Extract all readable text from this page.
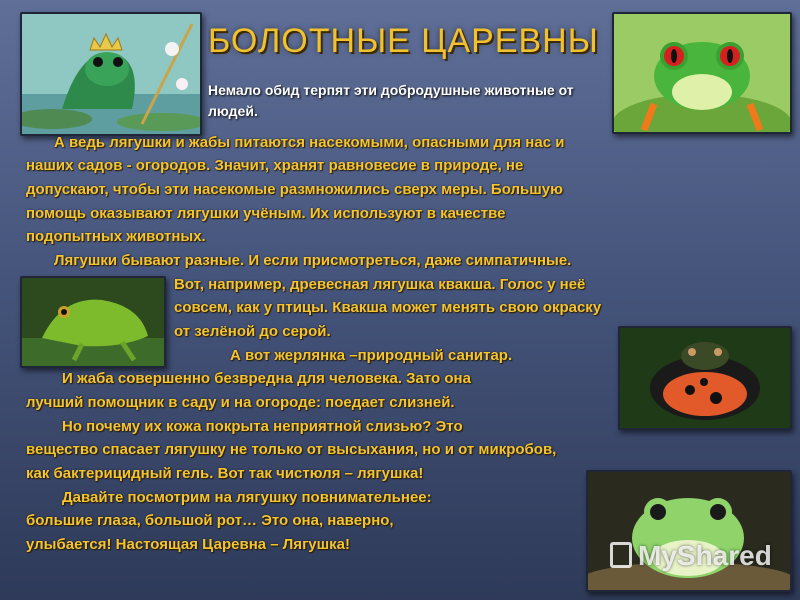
БОЛОТНЫЕ ЦАРЕВНЫ
Немало обид терпят эти добродушные животные от людей.
А ведь лягушки и жабы питаются насекомыми, опасными для нас и
наших садов - огородов. Значит, хранят равновесие в природе, не
допускают, чтобы эти насекомые размножились сверх меры. Большую
помощь оказывают лягушки учёным. Их используют в качестве
подопытных животных.
Лягушки бывают разные. И если присмотреться, даже симпатичные.
Вот, например, древесная лягушка квакша. Голос у неё
совсем, как у птицы. Квакша может менять свою окраску
от зелёной до серой.
А вот жерлянка –природный санитар.
И жаба совершенно безвредна для человека. Зато она
лучший помощник в саду и на огороде: поедает слизней.
Но почему их кожа покрыта неприятной слизью? Это
вещество спасает лягушку не только от высыхания, но и от микробов,
как бактерицидный гель. Вот так чистюля – лягушка!
Давайте посмотрим на лягушку повнимательнее:
большие глаза, большой рот… Это она, наверно,
улыбается! Настоящая Царевна – Лягушка!	MyShared
